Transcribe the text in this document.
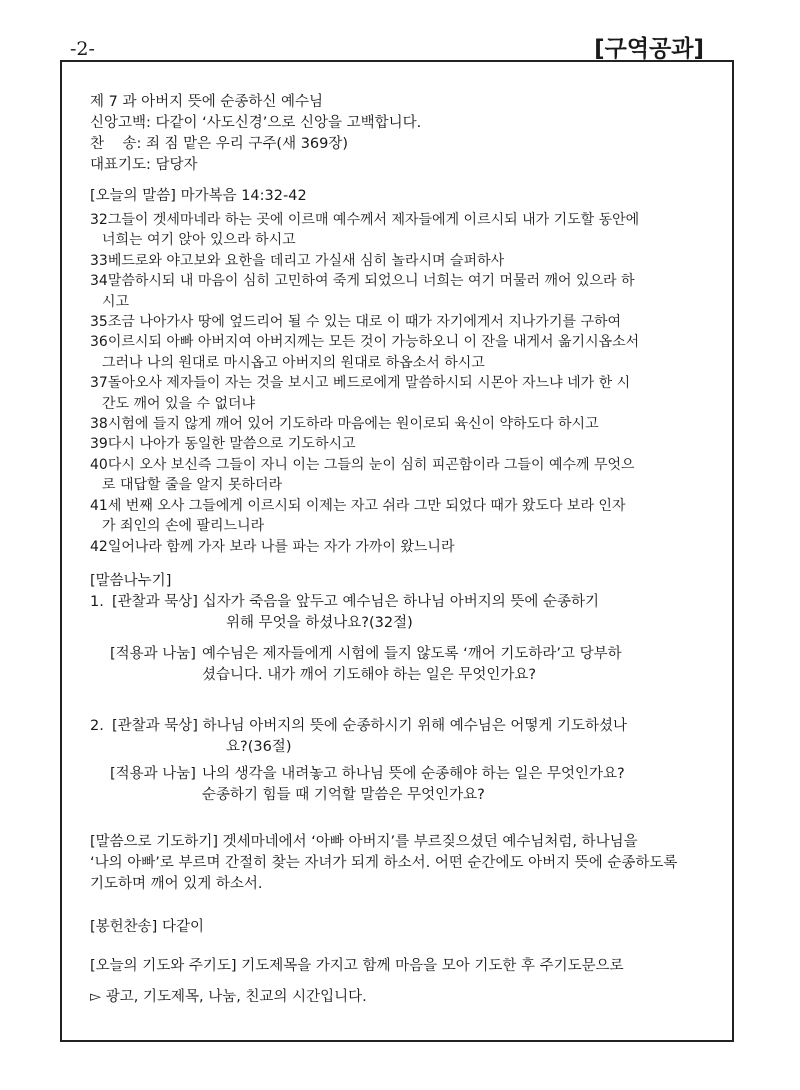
-2-	[구역공과]
제 7 과 아버지 뜻에 순종하신 예수님
신앙고백: 다같이 ‘사도신경’으로 신앙을 고백합니다.
찬    송: 죄 짐 맡은 우리 구주(새 369장)
대표기도: 담당자
[오늘의 말씀] 마가복음 14:32-42
32그들이 겟세마네라 하는 곳에 이르매 예수께서 제자들에게 이르시되 내가 기도할 동안에
너희는 여기 앉아 있으라 하시고
33베드로와 야고보와 요한을 데리고 가실새 심히 놀라시며 슬퍼하사
34말씀하시되 내 마음이 심히 고민하여 죽게 되었으니 너희는 여기 머물러 깨어 있으라 하
시고
35조금 나아가사 땅에 엎드리어 될 수 있는 대로 이 때가 자기에게서 지나가기를 구하여
36이르시되 아빠 아버지여 아버지께는 모든 것이 가능하오니 이 잔을 내게서 옮기시옵소서
그러나 나의 원대로 마시옵고 아버지의 원대로 하옵소서 하시고
37돌아오사 제자들이 자는 것을 보시고 베드로에게 말씀하시되 시몬아 자느냐 네가 한 시
간도 깨어 있을 수 없더냐
38시험에 들지 않게 깨어 있어 기도하라 마음에는 원이로되 육신이 약하도다 하시고
39다시 나아가 동일한 말씀으로 기도하시고
40다시 오사 보신즉 그들이 자니 이는 그들의 눈이 심히 피곤함이라 그들이 예수께 무엇으
로 대답할 줄을 알지 못하더라
41세 번째 오사 그들에게 이르시되 이제는 자고 쉬라 그만 되었다 때가 왔도다 보라 인자
가 죄인의 손에 팔리느니라
42일어나라 함께 가자 보라 나를 파는 자가 가까이 왔느니라
[말씀나누기]
1. [관찰과 묵상] 십자가 죽음을 앞두고 예수님은 하나님 아버지의 뜻에 순종하기
위해 무엇을 하셨나요?(32절)
[적용과 나눔] 예수님은 제자들에게 시험에 들지 않도록 ‘깨어 기도하라’고 당부하
셨습니다. 내가 깨어 기도해야 하는 일은 무엇인가요?
2. [관찰과 묵상] 하나님 아버지의 뜻에 순종하시기 위해 예수님은 어떻게 기도하셨나
요?(36절)
[적용과 나눔] 나의 생각을 내려놓고 하나님 뜻에 순종해야 하는 일은 무엇인가요?
순종하기 힘들 때 기억할 말씀은 무엇인가요?
[말씀으로 기도하기] 겟세마네에서 ‘아빠 아버지’를 부르짖으셨던 예수님처럼, 하나님을
‘나의 아빠’로 부르며 간절히 찾는 자녀가 되게 하소서. 어떤 순간에도 아버지 뜻에 순종하도록
기도하며 깨어 있게 하소서.
[봉헌찬송] 다같이
[오늘의 기도와 주기도] 기도제목을 가지고 함께 마음을 모아 기도한 후 주기도문으로
▻ 광고, 기도제목, 나눔, 친교의 시간입니다.
